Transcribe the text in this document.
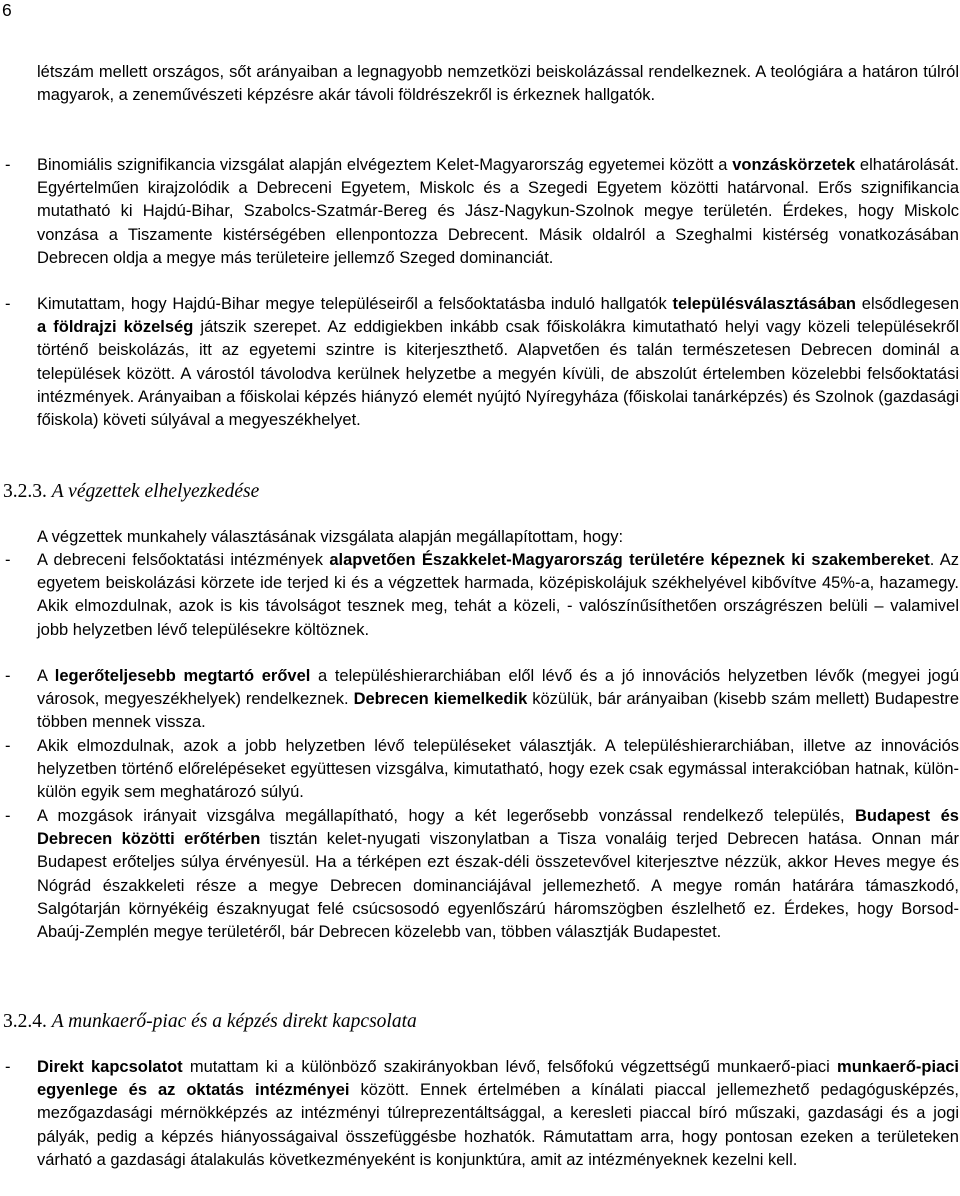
6
létszám mellett országos, sőt arányaiban a legnagyobb nemzetközi beiskolázással rendelkeznek. A teológiára a határon túlról magyarok, a zeneművészeti képzésre akár távoli földrészekről is érkeznek hallgatók.
- Binomiális szignifikancia vizsgálat alapján elvégeztem Kelet-Magyarország egyetemei között a vonzáskörzetek elhatárolását. Egyértelműen kirajzolódik a Debreceni Egyetem, Miskolc és a Szegedi Egyetem közötti határvonal. Erős szignifikancia mutatható ki Hajdú-Bihar, Szabolcs-Szatmár-Bereg és Jász-Nagykun-Szolnok megye területén. Érdekes, hogy Miskolc vonzása a Tiszamente kistérségében ellenpontozza Debrecent. Másik oldalról a Szeghalmi kistérség vonatkozásában Debrecen oldja a megye más területeire jellemző Szeged dominanciát.
- Kimutattam, hogy Hajdú-Bihar megye településeiről a felsőoktatásba induló hallgatók településválasztásában elsődlegesen a földrajzi közelség játszik szerepet. Az eddigiekben inkább csak főiskolákra kimutatható helyi vagy közeli településekről történő beiskolázás, itt az egyetemi szintre is kiterjeszthető. Alapvetően és talán természetesen Debrecen dominál a települések között. A várostól távolodva kerülnek helyzetbe a megyén kívüli, de abszolút értelemben közelebbi felsőoktatási intézmények. Arányaiban a főiskolai képzés hiányzó elemét nyújtó Nyíregyháza (főiskolai tanárképzés) és Szolnok (gazdasági főiskola) követi súlyával a megyeszékhelyet.
3.2.3. A végzettek elhelyezkedése
A végzettek munkahely választásának vizsgálata alapján megállapítottam, hogy:
- A debreceni felsőoktatási intézmények alapvetően Északkelet-Magyarország területére képeznek ki szakembereket. Az egyetem beiskolázási körzete ide terjed ki és a végzettek harmada, középiskolájuk székhelyével kibővítve 45%-a, hazamegy. Akik elmozdulnak, azok is kis távolságot tesznek meg, tehát a közeli, - valószínűsíthetően országrészen belüli – valamivel jobb helyzetben lévő településekre költöznek.
- A legerőteljesebb megtartó erővel a településhierarchiában elől lévő és a jó innovációs helyzetben lévők (megyei jogú városok, megyeszékhelyek) rendelkeznek. Debrecen kiemelkedik közülük, bár arányaiban (kisebb szám mellett) Budapestre többen mennek vissza.
- Akik elmozdulnak, azok a jobb helyzetben lévő településeket választják. A településhierarchiában, illetve az innovációs helyzetben történő előrelépéseket együttesen vizsgálva, kimutatható, hogy ezek csak egymással interakcióban hatnak, külön-külön egyik sem meghatározó súlyú.
- A mozgások irányait vizsgálva megállapítható, hogy a két legerősebb vonzással rendelkező település, Budapest és Debrecen közötti erőtérben tisztán kelet-nyugati viszonylatban a Tisza vonaláig terjed Debrecen hatása. Onnan már Budapest erőteljes súlya érvényesül. Ha a térképen ezt észak-déli összetevővel kiterjesztve nézzük, akkor Heves megye és Nógrád északkeleti része a megye Debrecen dominanciájával jellemezhető. A megye román határára támaszkodó, Salgótarján környékéig északnyugat felé csúcsosodó egyenlőszárú háromszögben észlelhető ez. Érdekes, hogy Borsod-Abaúj-Zemplén megye területéről, bár Debrecen közelebb van, többen választják Budapestet.
3.2.4. A munkaerő-piac és a képzés direkt kapcsolata
- Direkt kapcsolatot mutattam ki a különböző szakirányokban lévő, felsőfokú végzettségű munkaerő-piaci munkaerő-piaci egyenlege és az oktatás intézményei között. Ennek értelmében a kínálati piaccal jellemezhető pedagógusképzés, mezőgazdasági mérnökképzés az intézményi túlreprezentáltsággal, a keresleti piaccal bíró műszaki, gazdasági és a jogi pályák, pedig a képzés hiányosságaival összefüggésbe hozhatók. Rámutattam arra, hogy pontosan ezeken a területeken várható a gazdasági átalakulás következményeként is konjunktúra, amit az intézményeknek kezelni kell.
